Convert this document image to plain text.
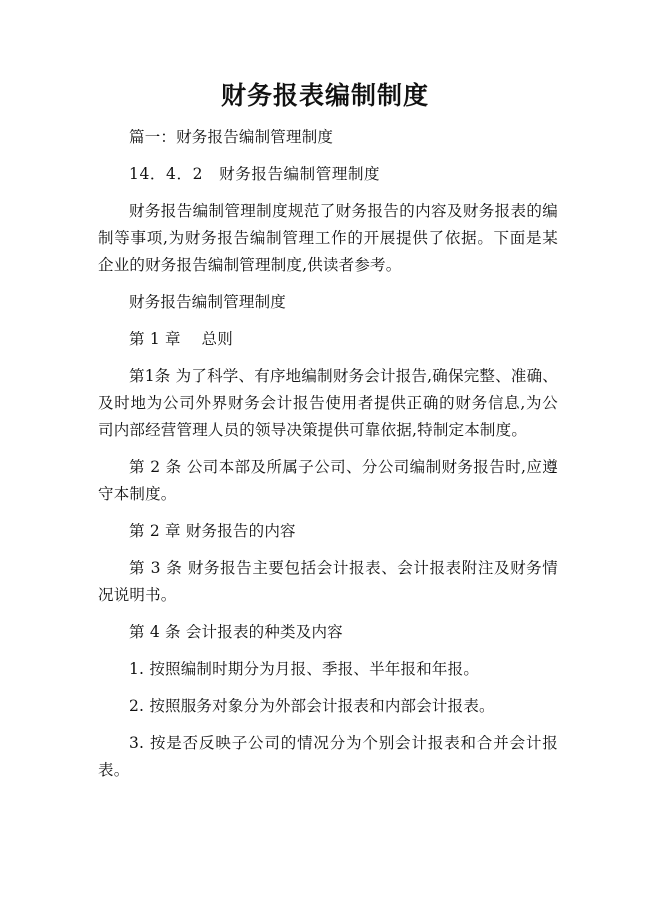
财务报表编制制度

篇一：财务报告编制管理制度

14．4．2　财务报告编制管理制度

财务报告编制管理制度规范了财务报告的内容及财务报表的编制等事项,为财务报告编制管理工作的开展提供了依据。下面是某企业的财务报告编制管理制度,供读者参考。

财务报告编制管理制度

第 1 章　 总则

第1条 为了科学、有序地编制财务会计报告,确保完整、准确、及时地为公司外界财务会计报告使用者提供正确的财务信息,为公司内部经营管理人员的领导决策提供可靠依据,特制定本制度。

第 2 条 公司本部及所属子公司、分公司编制财务报告时,应遵守本制度。

第 2 章 财务报告的内容

第 3 条 财务报告主要包括会计报表、会计报表附注及财务情况说明书。

第 4 条 会计报表的种类及内容

1. 按照编制时期分为月报、季报、半年报和年报。

2. 按照服务对象分为外部会计报表和内部会计报表。

3. 按是否反映子公司的情况分为个别会计报表和合并会计报表。
